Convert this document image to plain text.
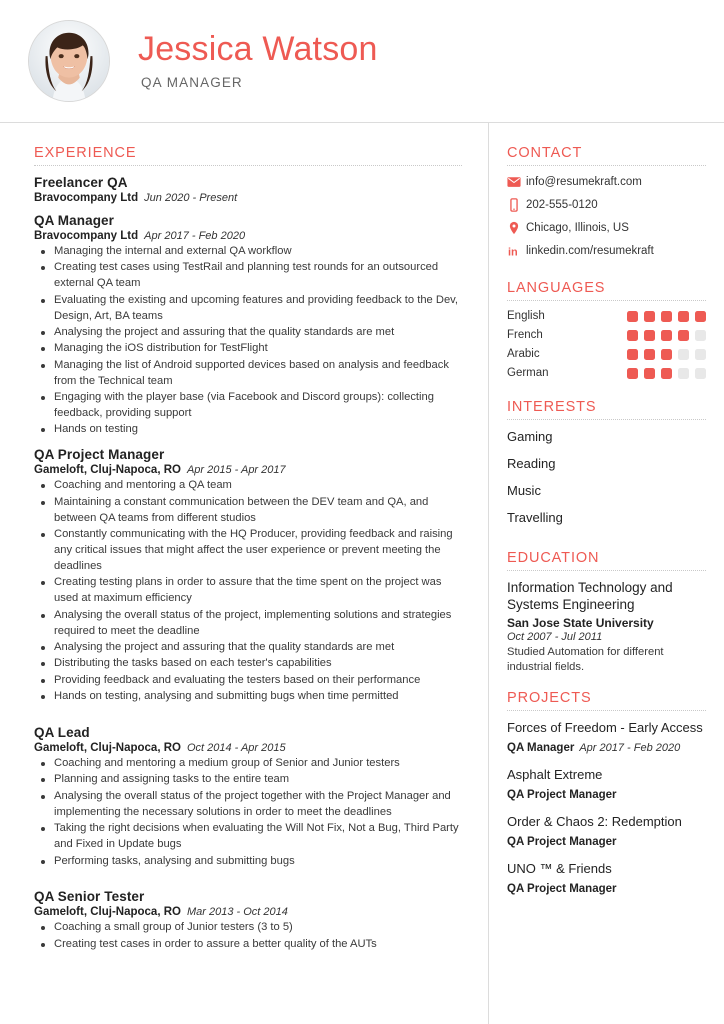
Jessica Watson
QA MANAGER
EXPERIENCE
Freelancer QA
Bravocompany Ltd Jun 2020 - Present
QA Manager
Bravocompany Ltd Apr 2017 - Feb 2020
Managing the internal and external QA workflow
Creating test cases using TestRail and planning test rounds for an outsourced external QA team
Evaluating the existing and upcoming features and providing feedback to the Dev, Design, Art, BA teams
Analysing the project and assuring that the quality standards are met
Managing the iOS distribution for TestFlight
Managing the list of Android supported devices based on analysis and feedback from the Technical team
Engaging with the player base (via Facebook and Discord groups): collecting feedback, providing support
Hands on testing
QA Project Manager
Gameloft, Cluj-Napoca, RO Apr 2015 - Apr 2017
Coaching and mentoring a QA team
Maintaining a constant communication between the DEV team and QA, and between QA teams from different studios
Constantly communicating with the HQ Producer, providing feedback and raising any critical issues that might affect the user experience or prevent meeting the deadlines
Creating testing plans in order to assure that the time spent on the project was used at maximum efficiency
Analysing the overall status of the project, implementing solutions and strategies required to meet the deadline
Analysing the project and assuring that the quality standards are met
Distributing the tasks based on each tester's capabilities
Providing feedback and evaluating the testers based on their performance
Hands on testing, analysing and submitting bugs when time permitted
QA Lead
Gameloft, Cluj-Napoca, RO Oct 2014 - Apr 2015
Coaching and mentoring a medium group of Senior and Junior testers
Planning and assigning tasks to the entire team
Analysing the overall status of the project together with the Project Manager and implementing the necessary solutions in order to meet the deadlines
Taking the right decisions when evaluating the Will Not Fix, Not a Bug, Third Party and Fixed in Update bugs
Performing tasks, analysing and submitting bugs
QA Senior Tester
Gameloft, Cluj-Napoca, RO Mar 2013 - Oct 2014
Coaching a small group of Junior testers (3 to 5)
Creating test cases in order to assure a better quality of the AUTs
CONTACT
info@resumekraft.com
202-555-0120
Chicago, Illinois, US
in linkedin.com/resumekraft
LANGUAGES
English
French
Arabic
German
INTERESTS
Gaming
Reading
Music
Travelling
EDUCATION
Information Technology and Systems Engineering
San Jose State University
Oct 2007 - Jul 2011
Studied Automation for different industrial fields.
PROJECTS
Forces of Freedom - Early Access
QA Manager Apr 2017 - Feb 2020
Asphalt Extreme
QA Project Manager
Order & Chaos 2: Redemption
QA Project Manager
UNO ™ & Friends
QA Project Manager
